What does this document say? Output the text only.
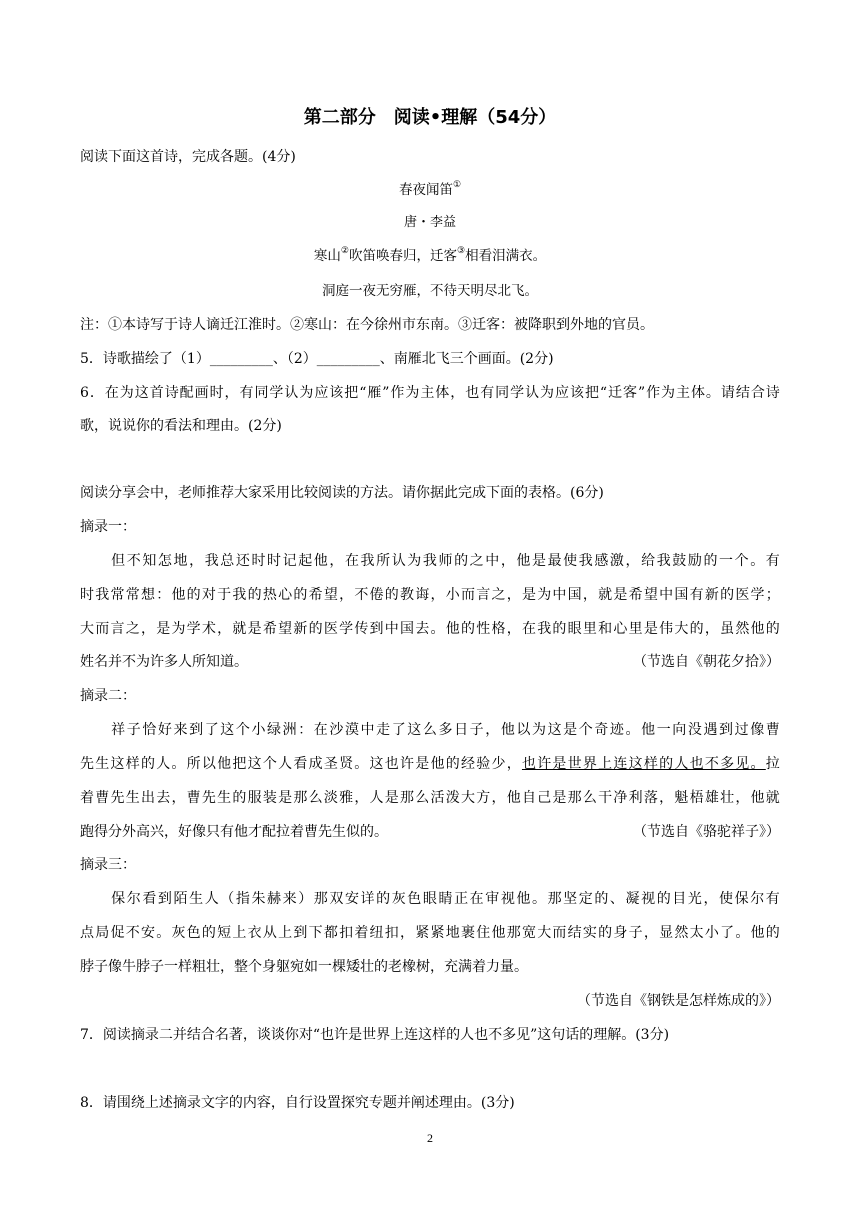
第二部分　阅读•理解（54分）
阅读下面这首诗，完成各题。(4分)
春夜闻笛①
唐・李益
寒山②吹笛唤春归，迁客③相看泪满衣。
洞庭一夜无穷雁，不待天明尽北飞。
注：①本诗写于诗人谪迁江淮时。②寒山：在今徐州市东南。③迁客：被降职到外地的官员。
5．诗歌描绘了（1）_________、（2）_________、南雁北飞三个画面。(2分)
6．在为这首诗配画时，有同学认为应该把“雁”作为主体，也有同学认为应该把“迁客”作为主体。请结合诗
歌，说说你的看法和理由。(2分)
阅读分享会中，老师推荐大家采用比较阅读的方法。请你据此完成下面的表格。(6分)
摘录一：
　　但不知怎地，我总还时时记起他，在我所认为我师的之中，他是最使我感激，给我鼓励的一个。有
时我常常想：他的对于我的热心的希望，不倦的教诲，小而言之，是为中国，就是希望中国有新的医学；
大而言之，是为学术，就是希望新的医学传到中国去。他的性格，在我的眼里和心里是伟大的，虽然他的
姓名并不为许多人所知道。	（节选自《朝花夕拾》）
摘录二：
　　祥子恰好来到了这个小绿洲：在沙漠中走了这么多日子，他以为这是个奇迹。他一向没遇到过像曹
先生这样的人。所以他把这个人看成圣贤。这也许是他的经验少，也许是世界上连这样的人也不多见。拉
着曹先生出去，曹先生的服装是那么淡雅，人是那么活泼大方，他自己是那么干净利落，魁梧雄壮，他就
跑得分外高兴，好像只有他才配拉着曹先生似的。	（节选自《骆驼祥子》）
摘录三：
　　保尔看到陌生人（指朱赫来）那双安详的灰色眼睛正在审视他。那坚定的、凝视的目光，使保尔有
点局促不安。灰色的短上衣从上到下都扣着纽扣，紧紧地裹住他那宽大而结实的身子，显然太小了。他的
脖子像牛脖子一样粗壮，整个身躯宛如一棵矮壮的老橡树，充满着力量。
（节选自《钢铁是怎样炼成的》）
7．阅读摘录二并结合名著，谈谈你对“也许是世界上连这样的人也不多见”这句话的理解。(3分)
8．请围绕上述摘录文字的内容，自行设置探究专题并阐述理由。(3分)
2
